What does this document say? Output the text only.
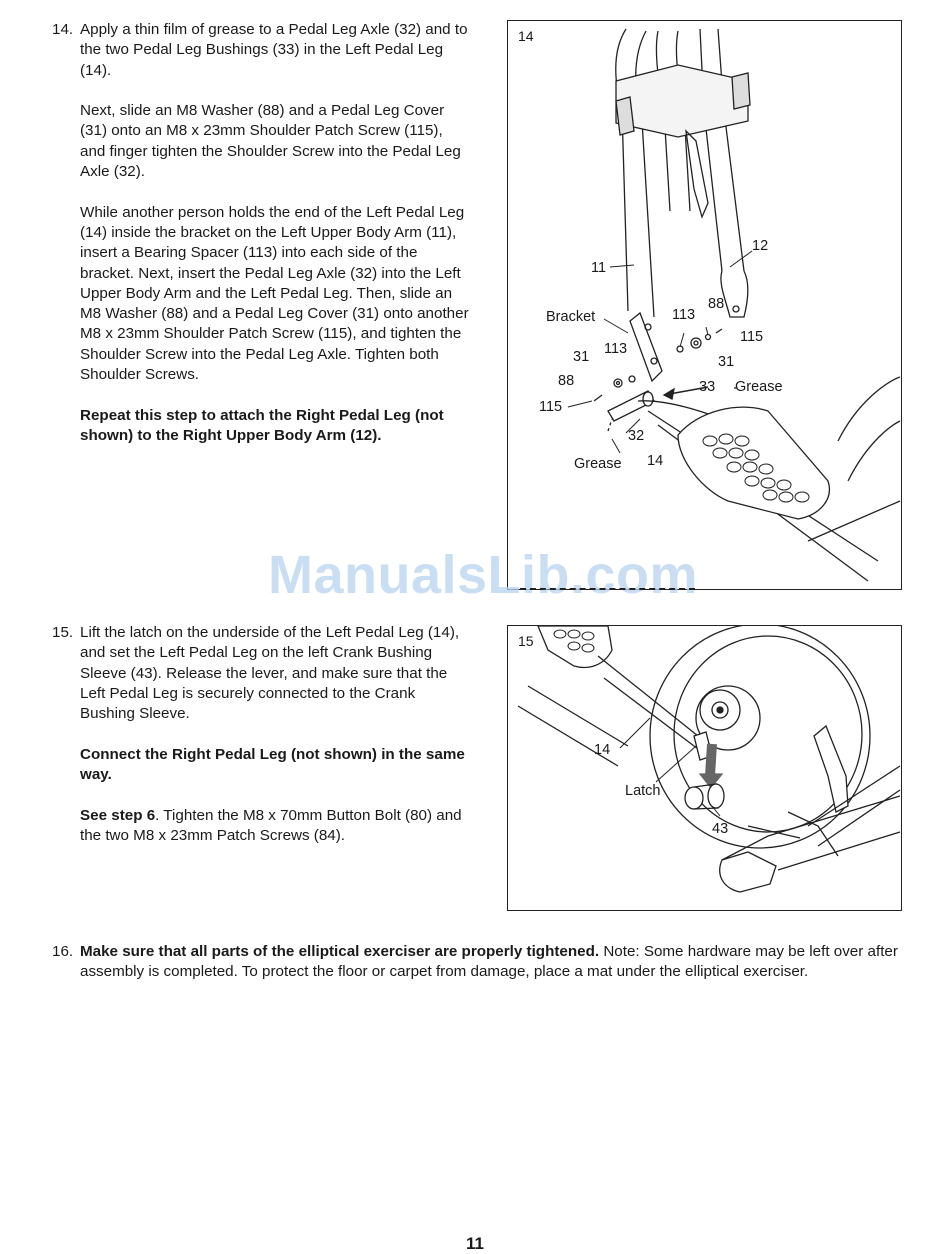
14. Apply a thin film of grease to a Pedal Leg Axle (32) and to the two Pedal Leg Bushings (33) in the Left Pedal Leg (14).

Next, slide an M8 Washer (88) and a Pedal Leg Cover (31) onto an M8 x 23mm Shoulder Patch Screw (115), and finger tighten the Shoulder Screw into the Pedal Leg Axle (32).

While another person holds the end of the Left Pedal Leg (14) inside the bracket on the Left Upper Body Arm (11), insert a Bearing Spacer (113) into each side of the bracket. Next, insert the Pedal Leg Axle (32) into the Left Upper Body Arm and the Left Pedal Leg. Then, slide an M8 Washer (88) and a Pedal Leg Cover (31) onto another M8 x 23mm Shoulder Patch Screw (115), and tighten the Shoulder Screw into the Pedal Leg Axle. Tighten both Shoulder Screws.

Repeat this step to attach the Right Pedal Leg (not shown) to the Right Upper Body Arm (12).

14
11
12
Bracket	113
88
115
31 113
31
88	33 Grease
115
32
Grease 14
ManualsLib.com
15. Lift the latch on the underside of the Left Pedal Leg (14), and set the Left Pedal Leg on the left Crank Bushing Sleeve (43). Release the lever, and make sure that the Left Pedal Leg is securely connected to the Crank Bushing Sleeve.

Connect the Right Pedal Leg (not shown) in the same way.

See step 6. Tighten the M8 x 70mm Button Bolt (80) and the two M8 x 23mm Patch Screws (84).

15
14
Latch
43
16. Make sure that all parts of the elliptical exerciser are properly tightened. Note: Some hardware may be left over after assembly is completed. To protect the floor or carpet from damage, place a mat under the elliptical exerciser.

11
